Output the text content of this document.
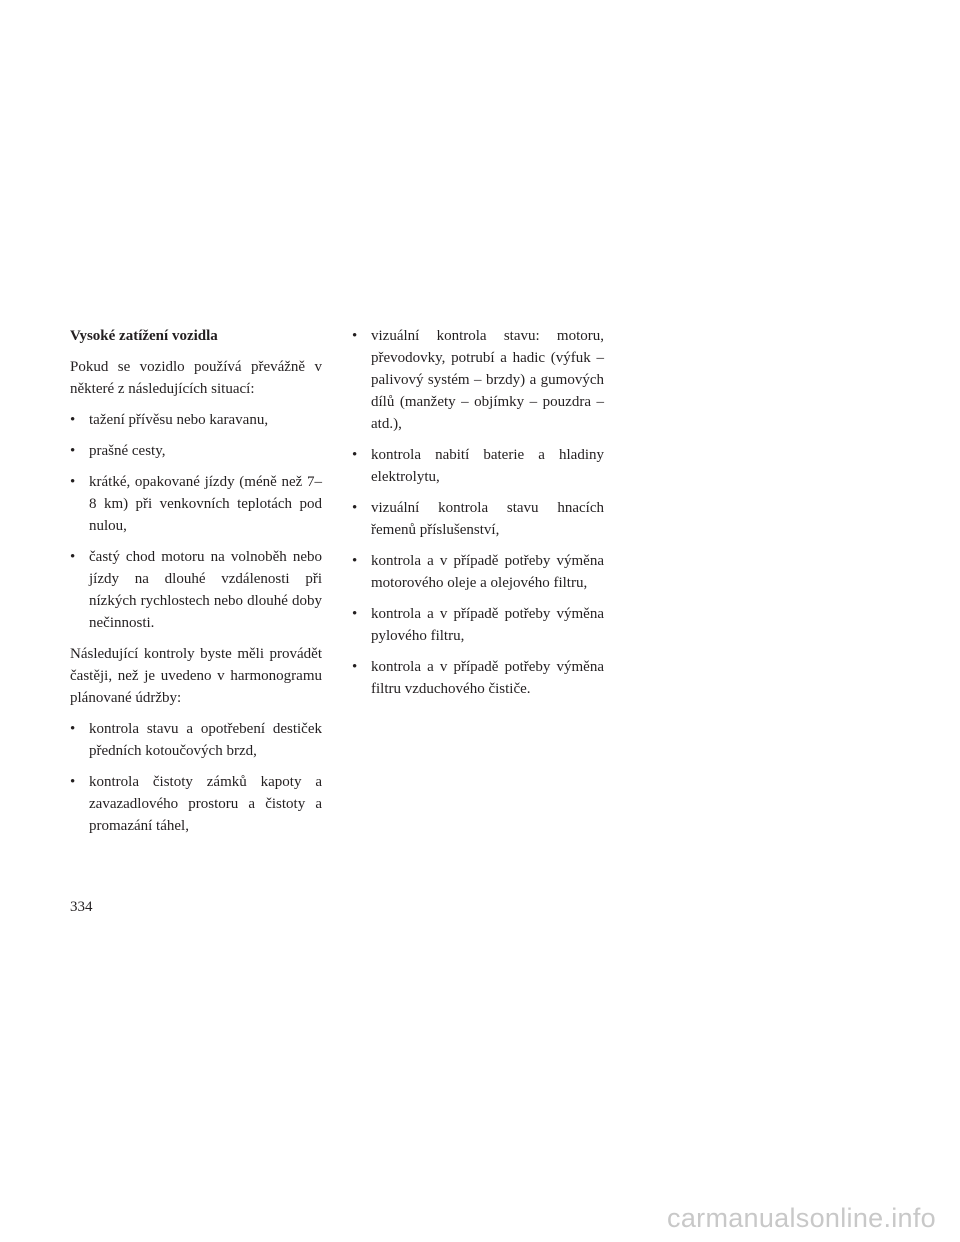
Vysoké zatížení vozidla

Pokud se vozidlo používá převážně v některé z následujících situací:

• tažení přívěsu nebo karavanu,
• prašné cesty,
• krátké, opakované jízdy (méně než 7–8 km) při venkovních teplotách pod nulou,
• častý chod motoru na volnoběh nebo jízdy na dlouhé vzdálenosti při nízkých rychlostech nebo dlouhé doby nečinnosti.

Následující kontroly byste měli provádět častěji, než je uvedeno v harmonogramu plánované údržby:

• kontrola stavu a opotřebení destiček předních kotoučových brzd,
• kontrola čistoty zámků kapoty a zavazadlového prostoru a čistoty a promazání táhel,
• vizuální kontrola stavu: motoru, převodovky, potrubí a hadic (výfuk – palivový systém – brzdy) a gumových dílů (manžety – objímky – pouzdra – atd.),
• kontrola nabití baterie a hladiny elektrolytu,
• vizuální kontrola stavu hnacích řemenů příslušenství,
• kontrola a v případě potřeby výměna motorového oleje a olejového filtru,
• kontrola a v případě potřeby výměna pylového filtru,
• kontrola a v případě potřeby výměna filtru vzduchového čističe.
334
carmanualsonline.info
